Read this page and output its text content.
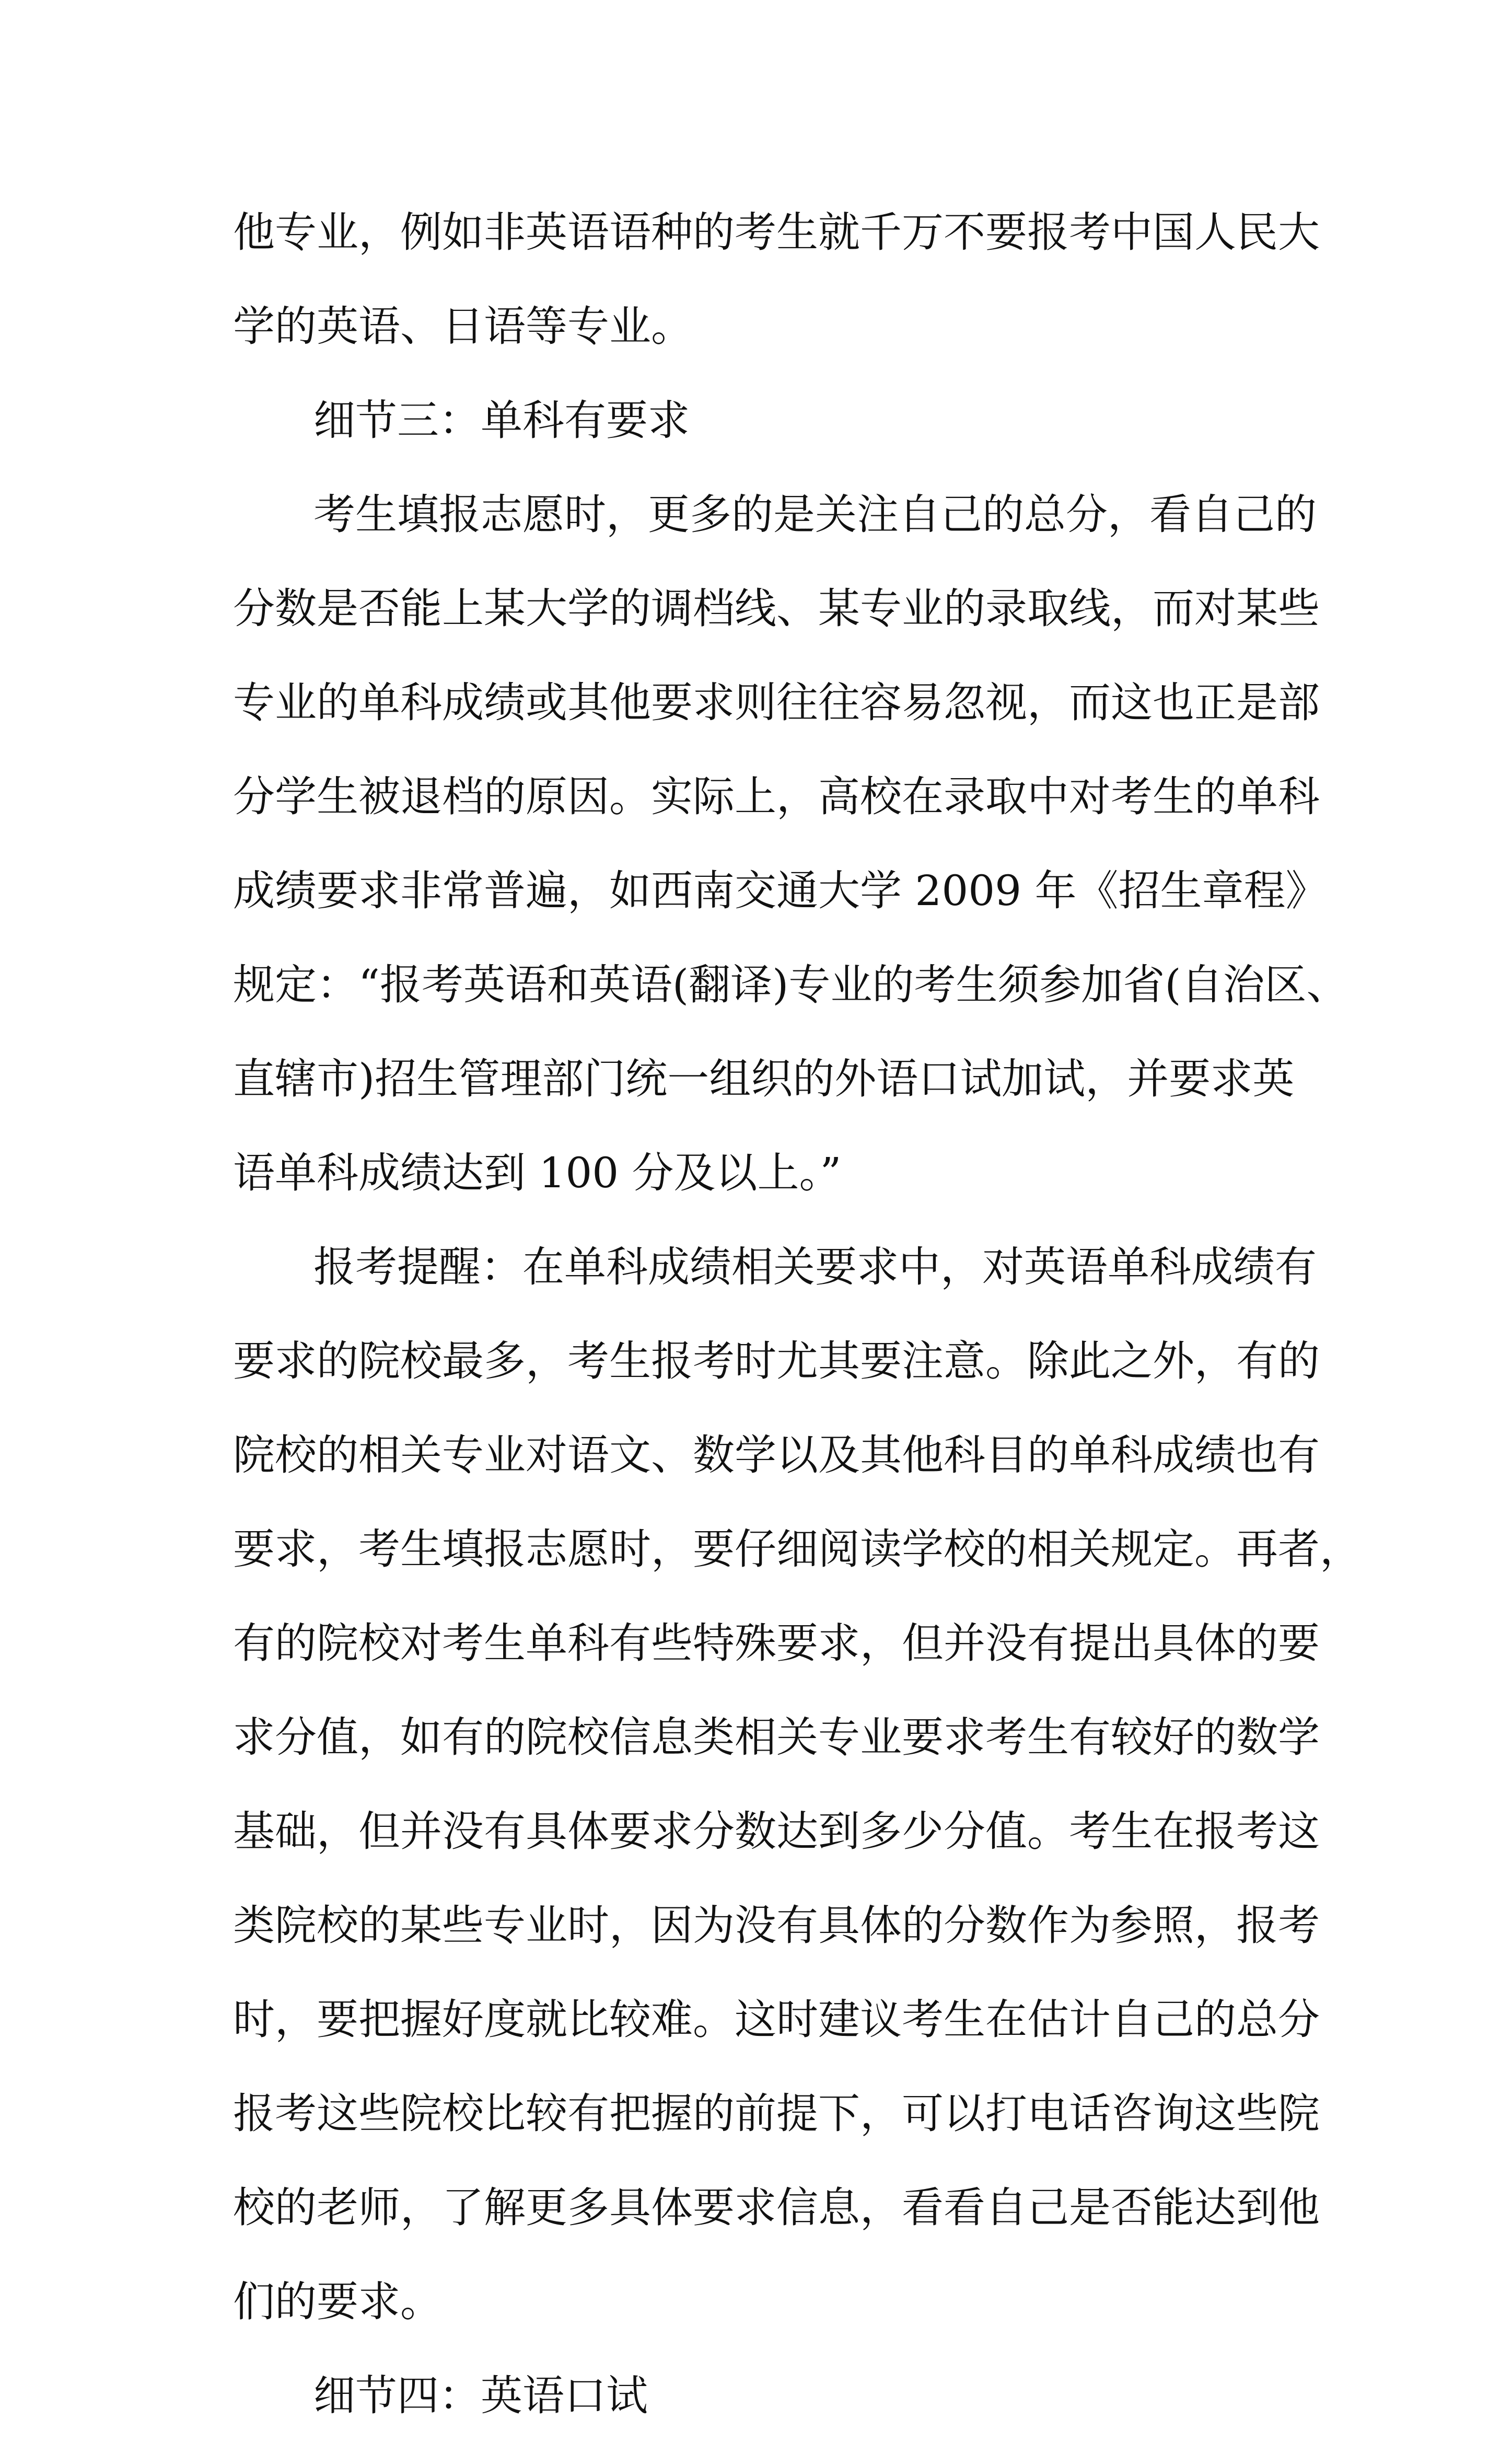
他专业，例如非英语语种的考生就千万不要报考中国人民大
学的英语、日语等专业。
细节三：单科有要求
考生填报志愿时，更多的是关注自己的总分，看自己的
分数是否能上某大学的调档线、某专业的录取线，而对某些
专业的单科成绩或其他要求则往往容易忽视，而这也正是部
分学生被退档的原因。实际上，高校在录取中对考生的单科
成绩要求非常普遍，如西南交通大学 2009 年《招生章程》
规定：“报考英语和英语(翻译)专业的考生须参加省(自治区、
直辖市)招生管理部门统一组织的外语口试加试，并要求英
语单科成绩达到 100 分及以上。”
报考提醒：在单科成绩相关要求中，对英语单科成绩有
要求的院校最多，考生报考时尤其要注意。除此之外，有的
院校的相关专业对语文、数学以及其他科目的单科成绩也有
要求，考生填报志愿时，要仔细阅读学校的相关规定。再者，
有的院校对考生单科有些特殊要求，但并没有提出具体的要
求分值，如有的院校信息类相关专业要求考生有较好的数学
基础，但并没有具体要求分数达到多少分值。考生在报考这
类院校的某些专业时，因为没有具体的分数作为参照，报考
时，要把握好度就比较难。这时建议考生在估计自己的总分
报考这些院校比较有把握的前提下，可以打电话咨询这些院
校的老师，了解更多具体要求信息，看看自己是否能达到他
们的要求。
细节四：英语口试
